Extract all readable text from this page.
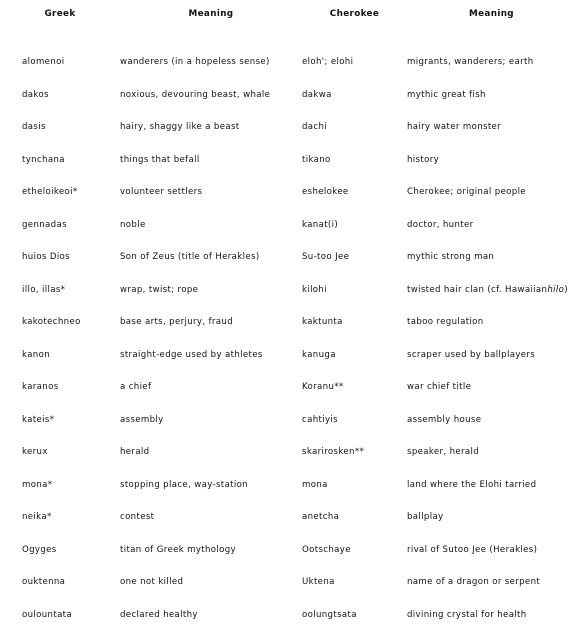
Greek	Meaning	Cherokee	Meaning

alomenoi	wanderers (in a hopeless sense)	eloh'; elohi	migrants, wanderers; earth
dakos	noxious, devouring beast, whale	dakwa	mythic great fish
dasis	hairy, shaggy like a beast	dachi	hairy water monster
tynchana	things that befall	tikano	history
etheloikeoi*	volunteer settlers	eshelokee	Cherokee; original people
gennadas	noble	kanat(i)	doctor, hunter
huios Dios	Son of Zeus (title of Herakles)	Su-too Jee	mythic strong man
illo, illas*	wrap, twist; rope	kilohi	twisted hair clan (cf. Hawaiianhilo)
kakotechneo	base arts, perjury, fraud	kaktunta	taboo regulation
kanon	straight-edge used by athletes	kanuga	scraper used by ballplayers
karanos	a chief	Koranu**	war chief title
kateis*	assembly	cahtiyis	assembly house
kerux	herald	skarirosken**	speaker, herald
mona*	stopping place, way-station	mona	land where the Elohi tarried
neika*	contest	anetcha	ballplay
Ogyges	titan of Greek mythology	Ootschaye	rival of Sutoo Jee (Herakles)
ouktenna	one not killed	Uktena	name of a dragon or serpent
oulountata	declared healthy	oolungtsata	divining crystal for health
